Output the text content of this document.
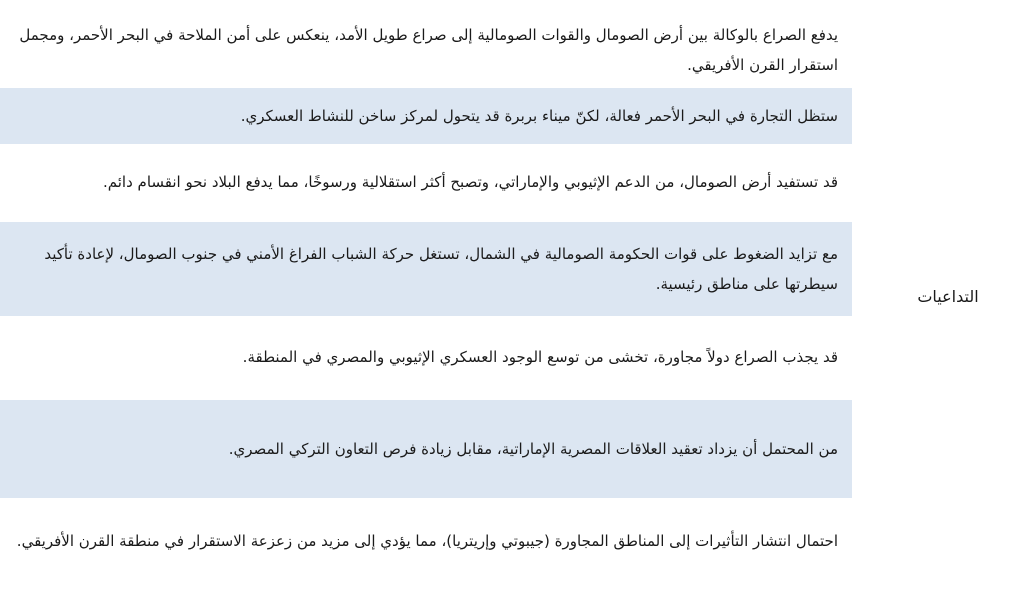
التداعيات
يدفع الصراع بالوكالة بين أرض الصومال والقوات الصومالية إلى صراع طويل الأمد، ينعكس على أمن الملاحة في البحر الأحمر، ومجمل استقرار القرن الأفريقي.
ستظل التجارة في البحر الأحمر فعالة، لكنّ ميناء بربرة قد يتحول لمركز ساخن للنشاط العسكري.
قد تستفيد أرض الصومال، من الدعم الإثيوبي والإماراتي، وتصبح أكثر استقلالية ورسوخًا، مما يدفع البلاد نحو انقسام دائم.
مع تزايد الضغوط على قوات الحكومة الصومالية في الشمال، تستغل حركة الشباب الفراغ الأمني في جنوب الصومال، لإعادة تأكيد سيطرتها على مناطق رئيسية.
قد يجذب الصراع دولاً مجاورة، تخشى من توسع الوجود العسكري الإثيوبي والمصري في المنطقة.
من المحتمل أن يزداد تعقيد العلاقات المصرية الإماراتية، مقابل زيادة فرص التعاون التركي المصري.
احتمال انتشار التأثيرات إلى المناطق المجاورة (جيبوتي وإريتريا)، مما يؤدي إلى مزيد من زعزعة الاستقرار في منطقة القرن الأفريقي.
